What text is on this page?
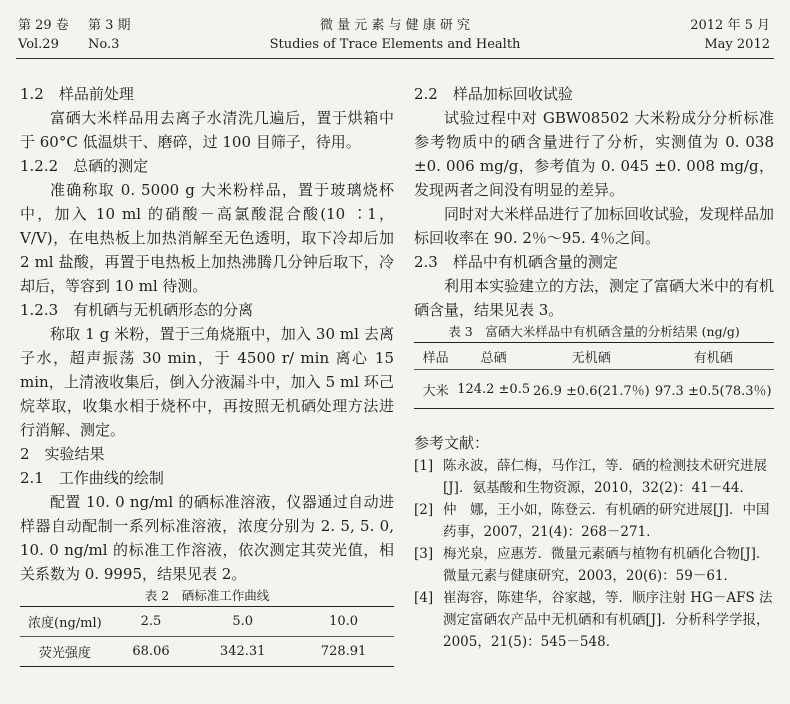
第 29 卷
Vol.29
第 3 期
No.3
微 量 元 素 与 健 康 研 究
Studies of Trace Elements and Health
2012 年 5 月
May 2012

1.2　样品前处理

富硒大米样品用去离子水清洗几遍后，置于烘箱中于 60°C 低温烘干、磨碎，过 100 目筛子，待用。

1.2.2　总硒的测定

准确称取 0. 5000 g 大米粉样品，置于玻璃烧杯中，加入 10 ml 的硝酸－高氯酸混合酸(10 ∶1，V/V)，在电热板上加热消解至无色透明，取下冷却后加 2 ml 盐酸，再置于电热板上加热沸腾几分钟后取下，冷却后，等容到 10 ml 待测。

1.2.3　有机硒与无机硒形态的分离

称取 1 g 米粉，置于三角烧瓶中，加入 30 ml 去离子水，超声振荡 30 min，于 4500 r/ min 离心 15 min，上清液收集后，倒入分液漏斗中，加入 5 ml 环己烷萃取，收集水相于烧杯中，再按照无机硒处理方法进行消解、测定。

2　实验结果

2.1　工作曲线的绘制

配置 10. 0 ng/ml 的硒标准溶液，仪器通过自动进样器自动配制一系列标准溶液，浓度分别为 2. 5, 5. 0, 10. 0 ng/ml 的标准工作溶液，依次测定其荧光值，相关系数为 0. 9995，结果见表 2。

表 2　硒标准工作曲线

浓度(ng/ml)	2.5	5.0	10.0

荧光强度	68.06	342.31	728.91

2.2　样品加标回收试验

试验过程中对 GBW08502 大米粉成分分析标准参考物质中的硒含量进行了分析，实测值为 0. 038 ±0. 006 mg/g，参考值为 0. 045 ±0. 008 mg/g，发现两者之间没有明显的差异。

同时对大米样品进行了加标回收试验，发现样品加标回收率在 90. 2％～95. 4％之间。

2.3　样品中有机硒含量的测定

利用本实验建立的方法，测定了富硒大米中的有机硒含量，结果见表 3。

表 3　富硒大米样品中有机硒含量的分析结果 (ng/g)

样品	总硒	无机硒	有机硒

大米	124.2 ±0.5	26.9 ±0.6(21.7％)	97.3 ±0.5(78.3％)

参考文献：

[1] 陈永波，薛仁梅，马作江，等．硒的检测技术研究进展[J]．氨基酸和生物资源，2010，32(2)：41－44．

[2] 仲　娜，王小如，陈登云．有机硒的研究进展[J]．中国药事，2007，21(4)：268－271．

[3] 梅光泉，应惠芳．微量元素硒与植物有机硒化合物[J]．微量元素与健康研究，2003，20(6)：59－61．

[4] 崔海容，陈建华，谷家越，等．顺序注射 HG－AFS 法测定富硒农产品中无机硒和有机硒[J]．分析科学学报，2005，21(5)：545－548．
